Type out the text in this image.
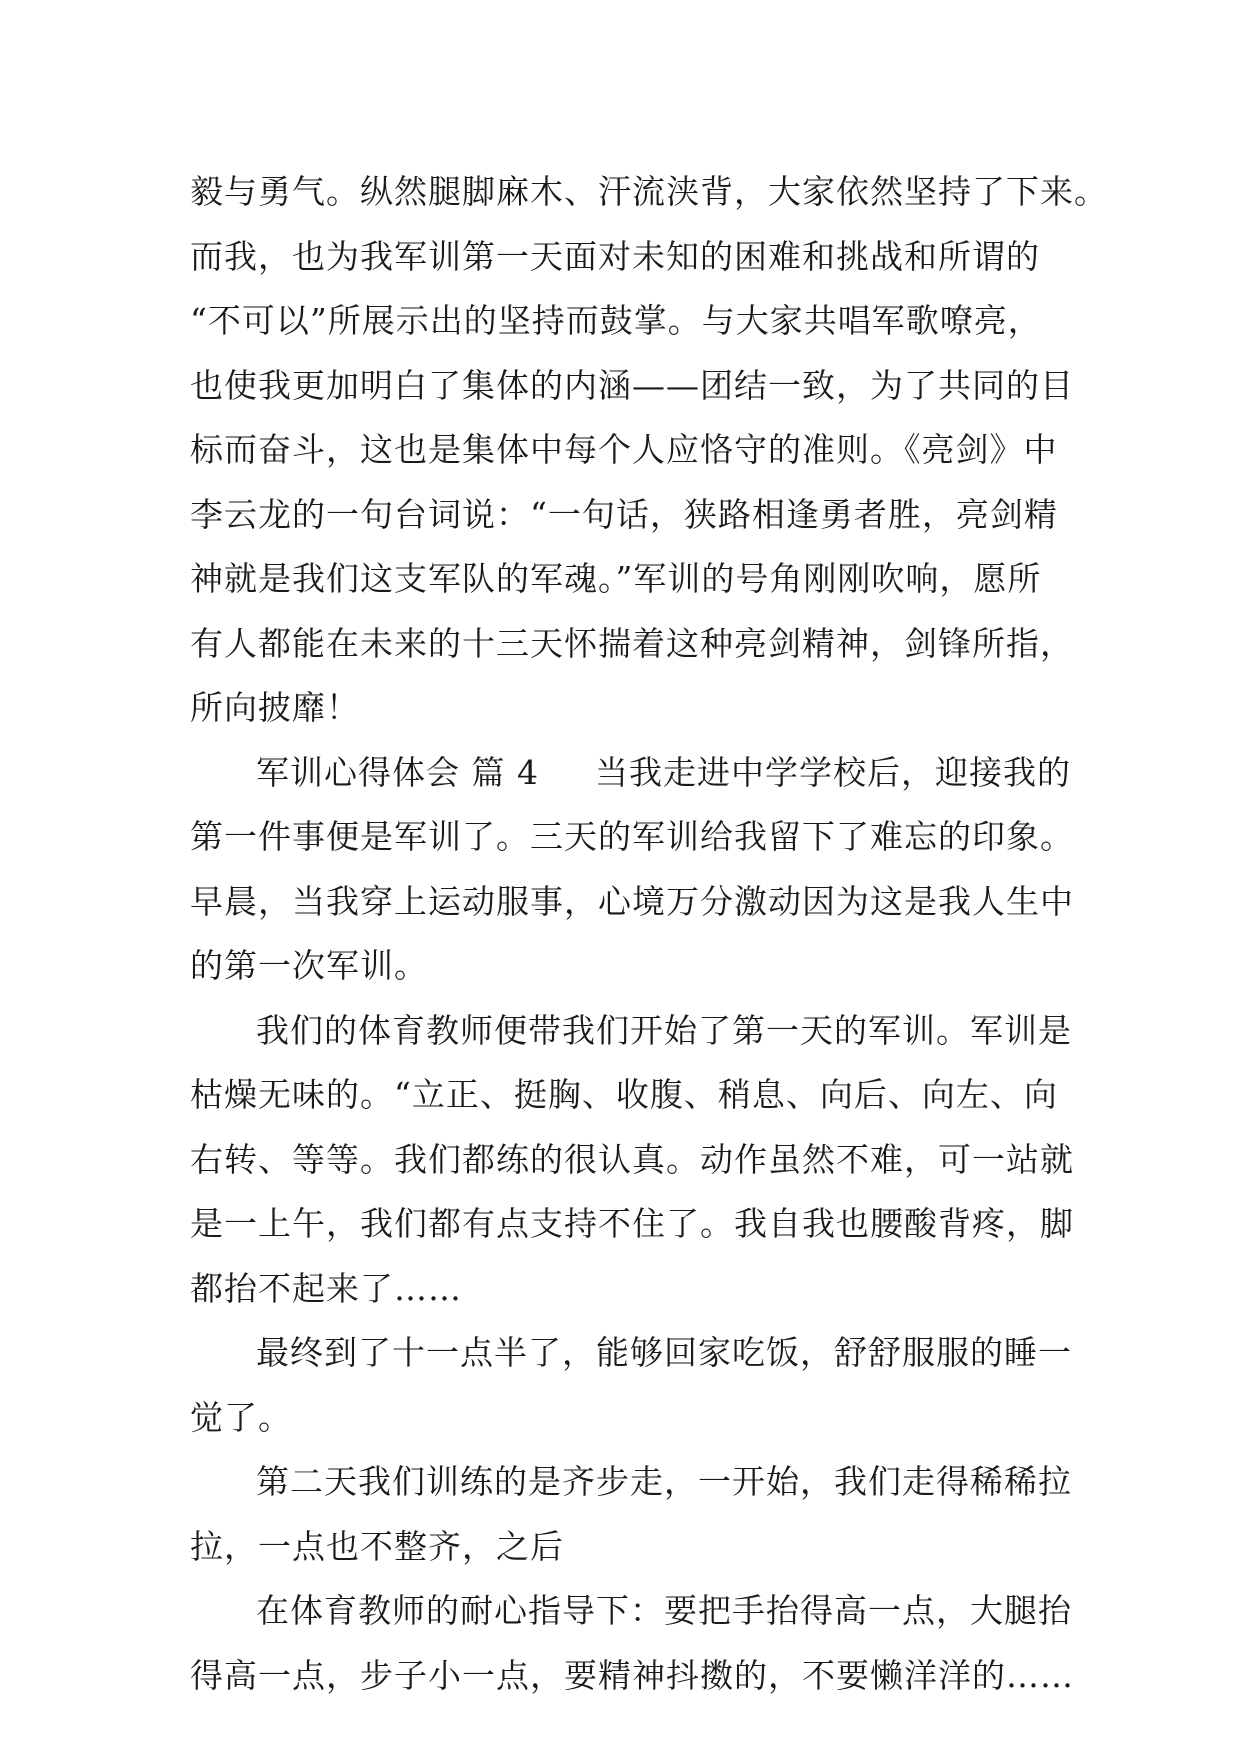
毅与勇气。纵然腿脚麻木、汗流浃背，大家依然坚持了下来。
而我，也为我军训第一天面对未知的困难和挑战和所谓的
“不可以”所展示出的坚持而鼓掌。与大家共唱军歌嘹亮，
也使我更加明白了集体的内涵——团结一致，为了共同的目
标而奋斗，这也是集体中每个人应恪守的准则。《亮剑》中
李云龙的一句台词说：“一句话，狭路相逢勇者胜，亮剑精
神就是我们这支军队的军魂。”军训的号角刚刚吹响，愿所
有人都能在未来的十三天怀揣着这种亮剑精神，剑锋所指，
所向披靡！
军训心得体会 篇 4 当我走进中学学校后，迎接我的
第一件事便是军训了。三天的军训给我留下了难忘的印象。
早晨，当我穿上运动服事，心境万分激动因为这是我人生中
的第一次军训。
我们的体育教师便带我们开始了第一天的军训。军训是
枯燥无味的。“立正、挺胸、收腹、稍息、向后、向左、向
右转、等等。我们都练的很认真。动作虽然不难，可一站就
是一上午，我们都有点支持不住了。我自我也腰酸背疼，脚
都抬不起来了……
最终到了十一点半了，能够回家吃饭，舒舒服服的睡一
觉了。
第二天我们训练的是齐步走，一开始，我们走得稀稀拉
拉，一点也不整齐，之后
在体育教师的耐心指导下：要把手抬得高一点，大腿抬
得高一点，步子小一点，要精神抖擞的，不要懒洋洋的……
